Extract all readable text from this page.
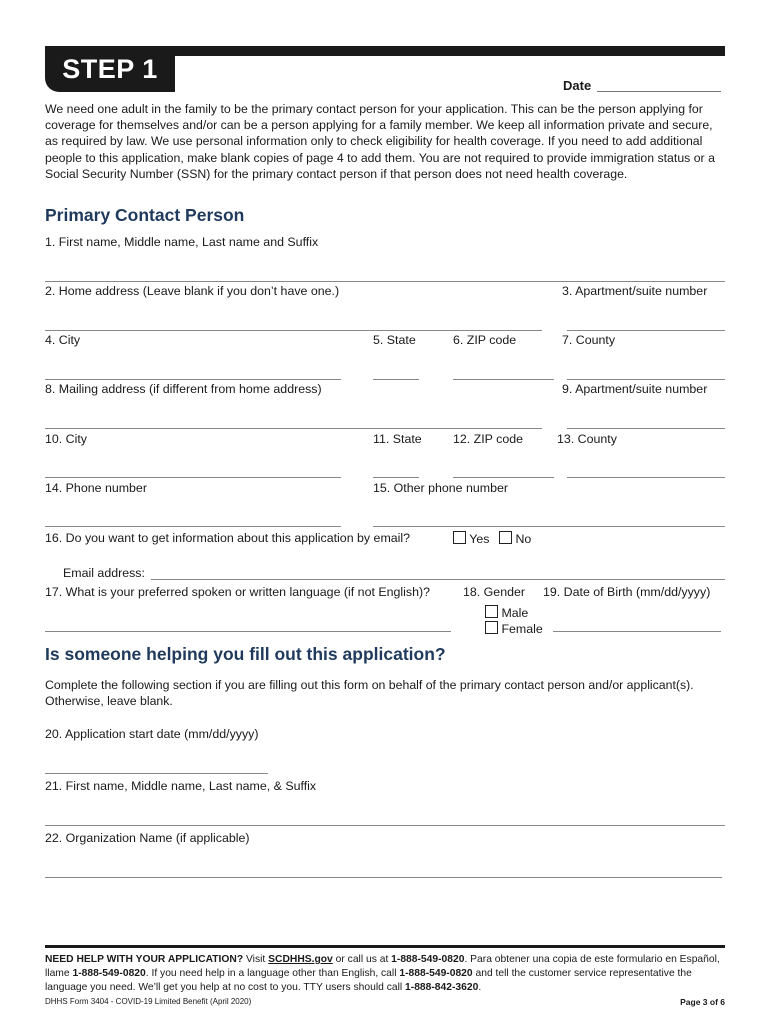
STEP 1
Date
We need one adult in the family to be the primary contact person for your application. This can be the person applying for coverage for themselves and/or can be a person applying for a family member. We keep all information private and secure, as required by law. We use personal information only to check eligibility for health coverage. If you need to add additional people to this application, make blank copies of page 4 to add them. You are not required to provide immigration status or a Social Security Number (SSN) for the primary contact person if that person does not need health coverage.
Primary Contact Person
1. First name, Middle name, Last name and Suffix
2. Home address (Leave blank if you don’t have one.)	3. Apartment/suite number
4. City	5. State	6. ZIP code	7. County
8. Mailing address (if different from home address)	9. Apartment/suite number
10. City	11. State	12. ZIP code	13. County
14. Phone number	15. Other phone number
16. Do you want to get information about this application by email?	Yes	No
Email address:
17. What is your preferred spoken or written language (if not English)?	18. Gender 19. Date of Birth (mm/dd/yyyy)
Male
Female
Is someone helping you fill out this application?
Complete the following section if you are filling out this form on behalf of the primary contact person and/or applicant(s). Otherwise, leave blank.
20. Application start date (mm/dd/yyyy)
21. First name, Middle name, Last name, & Suffix
22. Organization Name (if applicable)
NEED HELP WITH YOUR APPLICATION? Visit SCDHHS.gov or call us at 1-888-549-0820. Para obtener una copia de este formulario en Español, llame 1-888-549-0820. If you need help in a language other than English, call 1-888-549-0820 and tell the customer service representative the language you need. We’ll get you help at no cost to you. TTY users should call 1-888-842-3620.
DHHS Form 3404 - COVID-19 Limited Benefit (April 2020)	Page 3 of 6
